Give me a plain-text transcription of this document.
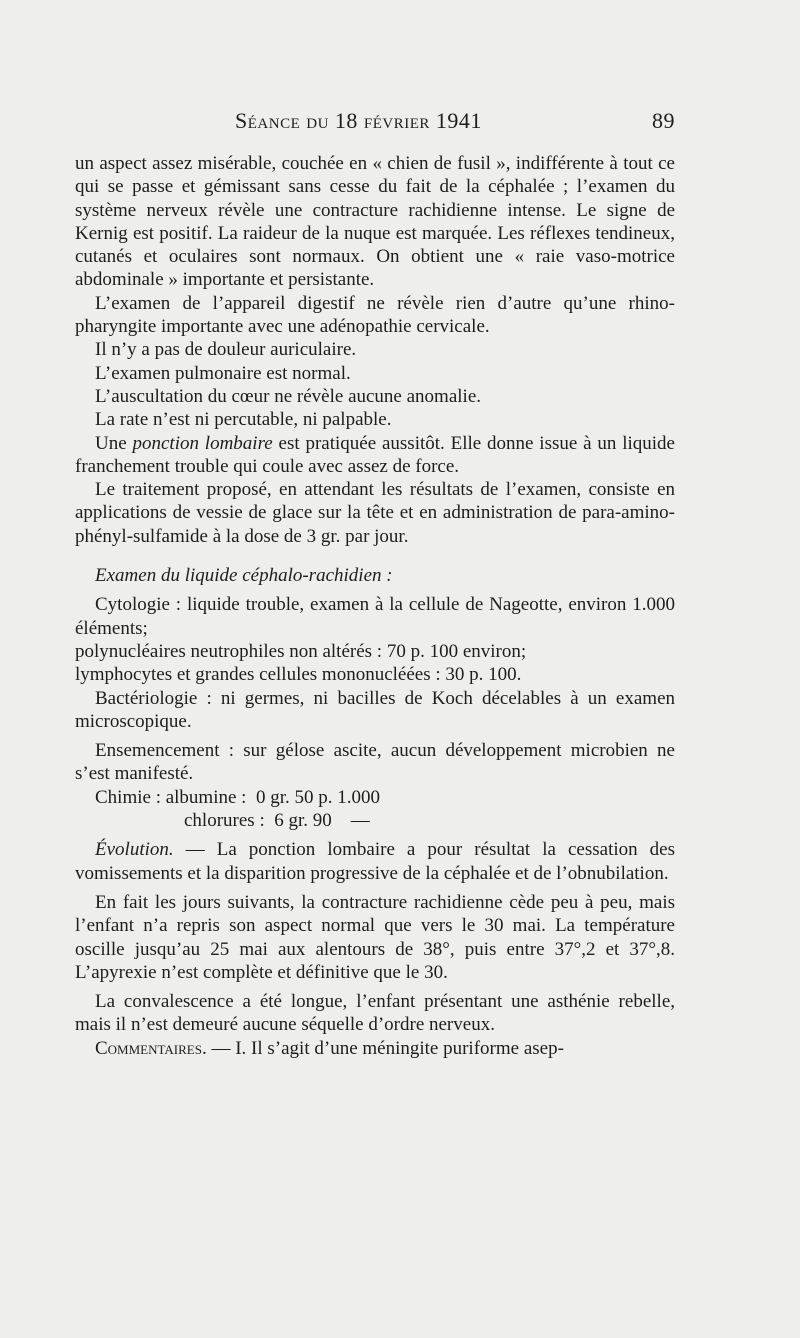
Séance du 18 février 1941	89

un aspect assez misérable, couchée en « chien de fusil », indifférente à tout ce qui se passe et gémissant sans cesse du fait de la céphalée ; l’examen du système nerveux révèle une contracture rachidienne intense. Le signe de Kernig est positif. La raideur de la nuque est marquée. Les réflexes tendineux, cutanés et oculaires sont normaux. On obtient une « raie vaso-motrice abdominale » importante et persistante.

L’examen de l’appareil digestif ne révèle rien d’autre qu’une rhino-pharyngite importante avec une adénopathie cervicale.

Il n’y a pas de douleur auriculaire.

L’examen pulmonaire est normal.

L’auscultation du cœur ne révèle aucune anomalie.

La rate n’est ni percutable, ni palpable.

Une ponction lombaire est pratiquée aussitôt. Elle donne issue à un liquide franchement trouble qui coule avec assez de force.

Le traitement proposé, en attendant les résultats de l’examen, consiste en applications de vessie de glace sur la tête et en administration de para-amino-phényl-sulfamide à la dose de 3 gr. par jour.

Examen du liquide céphalo-rachidien :

Cytologie : liquide trouble, examen à la cellule de Nageotte, environ 1.000 éléments;

polynucléaires neutrophiles non altérés : 70 p. 100 environ;

lymphocytes et grandes cellules mononucléées : 30 p. 100.

Bactériologie : ni germes, ni bacilles de Koch décelables à un examen microscopique.

Ensemencement : sur gélose ascite, aucun développement microbien ne s’est manifesté.

Chimie : albumine :  0 gr. 50 p. 1.000
chlorures :  6 gr. 90    —

Évolution. — La ponction lombaire a pour résultat la cessation des vomissements et la disparition progressive de la céphalée et de l’obnubilation.

En fait les jours suivants, la contracture rachidienne cède peu à peu, mais l’enfant n’a repris son aspect normal que vers le 30 mai. La température oscille jusqu’au 25 mai aux alentours de 38°, puis entre 37°,2 et 37°,8. L’apyrexie n’est complète et définitive que le 30.

La convalescence a été longue, l’enfant présentant une asthénie rebelle, mais il n’est demeuré aucune séquelle d’ordre nerveux.

Commentaires. — I. Il s’agit d’une méningite puriforme asep-
